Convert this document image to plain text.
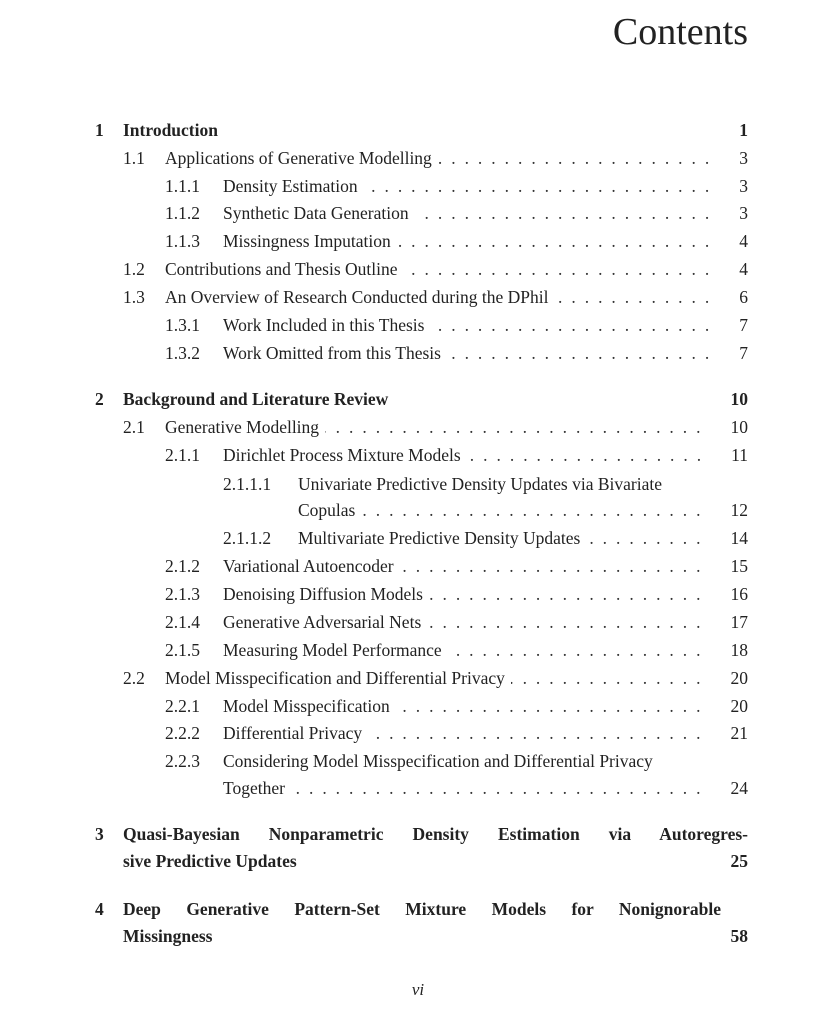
Contents
1	Introduction	1
1.1	Applications of Generative Modelling . . .	3
1.1.1	Density Estimation . . .	3
1.1.2	Synthetic Data Generation . . .	3
1.1.3	Missingness Imputation . . .	4
1.2	Contributions and Thesis Outline . . .	4
1.3	An Overview of Research Conducted during the DPhil . . .	6
1.3.1	Work Included in this Thesis . . .	7
1.3.2	Work Omitted from this Thesis . . .	7
2	Background and Literature Review	10
2.1	Generative Modelling . . .	10
2.1.1	Dirichlet Process Mixture Models . . .	11
2.1.1.1	Univariate Predictive Density Updates via Bivariate
Copulas . . .	12
2.1.1.2	Multivariate Predictive Density Updates . . .	14
2.1.2	Variational Autoencoder . . .	15
2.1.3	Denoising Diffusion Models . . .	16
2.1.4	Generative Adversarial Nets . . .	17
2.1.5	Measuring Model Performance . . .	18
2.2	Model Misspecification and Differential Privacy . . .	20
2.2.1	Model Misspecification . . .	20
2.2.2	Differential Privacy . . .	21
2.2.3	Considering Model Misspecification and Differential Privacy
Together . . .	24
3	Quasi-Bayesian Nonparametric Density Estimation via Autoregres-
sive Predictive Updates	25
4	Deep Generative Pattern-Set Mixture Models for Nonignorable
Missingness	58
vi
